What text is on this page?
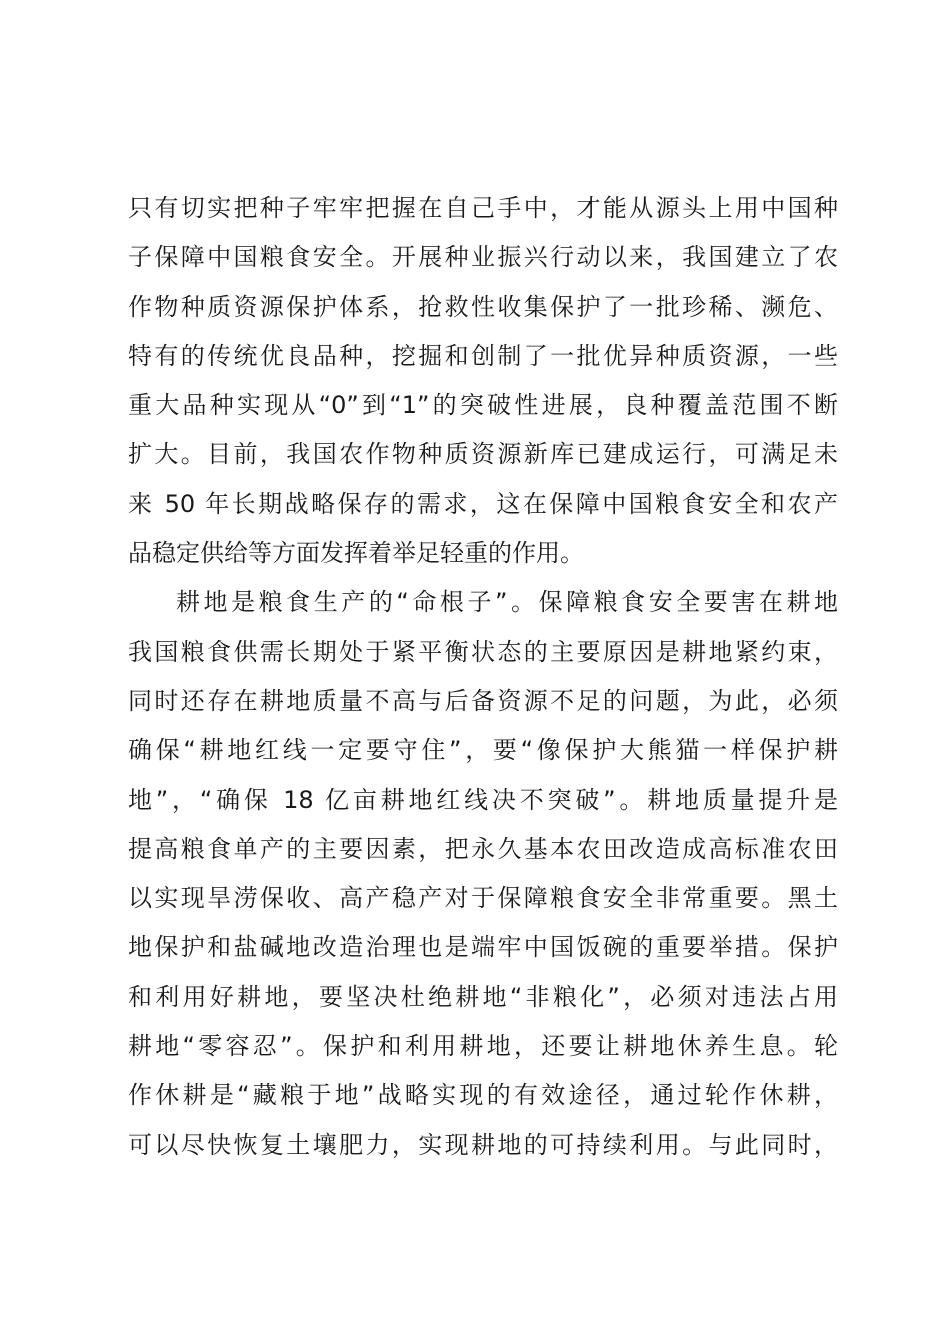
只有切实把种子牢牢把握在自己手中，才能从源头上用中国种
子保障中国粮食安全。开展种业振兴行动以来，我国建立了农
作物种质资源保护体系，抢救性收集保护了一批珍稀、濒危、
特有的传统优良品种，挖掘和创制了一批优异种质资源，一些
重大品种实现从“0”到“1”的突破性进展，良种覆盖范围不断
扩大。目前，我国农作物种质资源新库已建成运行，可满足未
来 50 年长期战略保存的需求，这在保障中国粮食安全和农产
品稳定供给等方面发挥着举足轻重的作用。
耕地是粮食生产的“命根子”。保障粮食安全要害在耕地
我国粮食供需长期处于紧平衡状态的主要原因是耕地紧约束，
同时还存在耕地质量不高与后备资源不足的问题，为此，必须
确保“耕地红线一定要守住”，要“像保护大熊猫一样保护耕
地”，“确保 18 亿亩耕地红线决不突破”。耕地质量提升是
提高粮食单产的主要因素，把永久基本农田改造成高标准农田
以实现旱涝保收、高产稳产对于保障粮食安全非常重要。黑土
地保护和盐碱地改造治理也是端牢中国饭碗的重要举措。保护
和利用好耕地，要坚决杜绝耕地“非粮化”，必须对违法占用
耕地“零容忍”。保护和利用耕地，还要让耕地休养生息。轮
作休耕是“藏粮于地”战略实现的有效途径，通过轮作休耕，
可以尽快恢复土壤肥力，实现耕地的可持续利用。与此同时，
